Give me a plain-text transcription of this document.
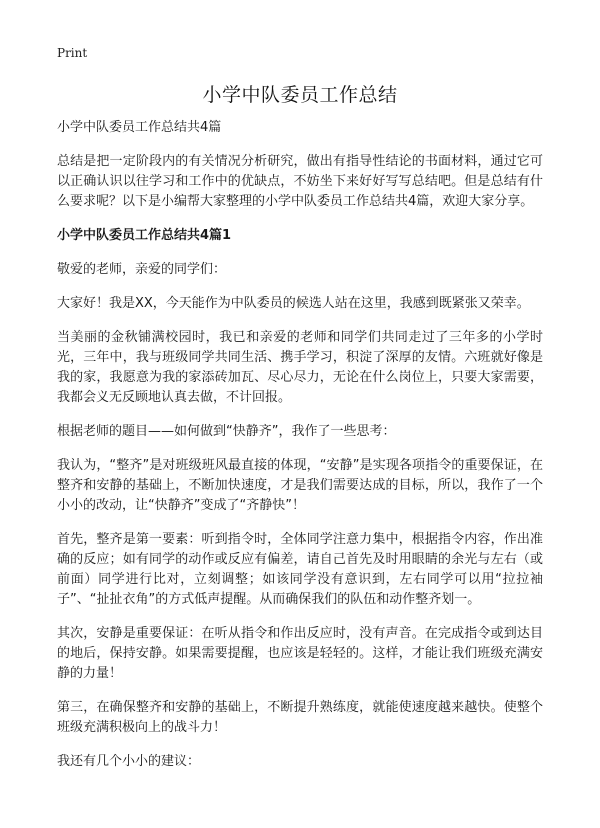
Print
小学中队委员工作总结

小学中队委员工作总结共4篇

总结是把一定阶段内的有关情况分析研究，做出有指导性结论的书面材料，通过它可以正确认识以往学习和工作中的优缺点，不妨坐下来好好写写总结吧。但是总结有什么要求呢？以下是小编帮大家整理的小学中队委员工作总结共4篇，欢迎大家分享。

小学中队委员工作总结共4篇1

敬爱的老师，亲爱的同学们：

大家好！我是XX，今天能作为中队委员的候选人站在这里，我感到既紧张又荣幸。

当美丽的金秋铺满校园时，我已和亲爱的老师和同学们共同走过了三年多的小学时光，三年中，我与班级同学共同生活、携手学习，积淀了深厚的友情。六班就好像是我的家，我愿意为我的家添砖加瓦、尽心尽力，无论在什么岗位上，只要大家需要，我都会义无反顾地认真去做，不计回报。

根据老师的题目——如何做到“快静齐”，我作了一些思考：

我认为，“整齐”是对班级班风最直接的体现，“安静”是实现各项指令的重要保证，在整齐和安静的基础上，不断加快速度，才是我们需要达成的目标，所以，我作了一个小小的改动，让“快静齐”变成了“齐静快”！

首先，整齐是第一要素：听到指令时，全体同学注意力集中，根据指令内容，作出准确的反应；如有同学的动作或反应有偏差，请自己首先及时用眼睛的余光与左右（或前面）同学进行比对，立刻调整；如该同学没有意识到，左右同学可以用“拉拉袖子”、“扯扯衣角”的方式低声提醒。从而确保我们的队伍和动作整齐划一。

其次，安静是重要保证：在听从指令和作出反应时，没有声音。在完成指令或到达目的地后，保持安静。如果需要提醒，也应该是轻轻的。这样，才能让我们班级充满安静的力量！

第三，在确保整齐和安静的基础上，不断提升熟练度，就能使速度越来越快。使整个班级充满积极向上的战斗力！

我还有几个小小的建议：
